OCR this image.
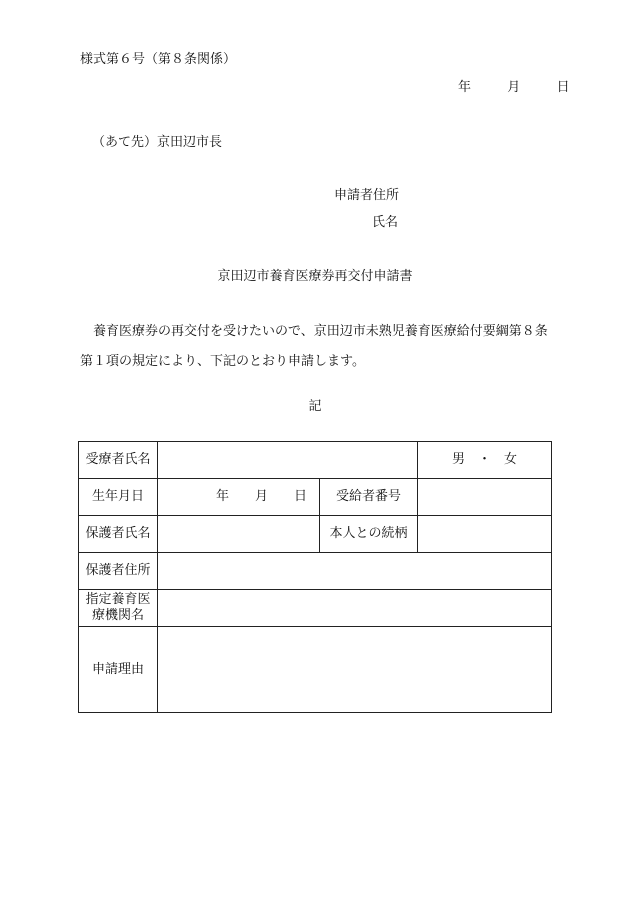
様式第６号（第８条関係）
年	月	日
（あて先）京田辺市長
申請者住所
氏名
京田辺市養育医療券再交付申請書

養育医療券の再交付を受けたいので、京田辺市未熟児養育医療給付要綱第８条第１項の規定により、下記のとおり申請します。

記
受療者氏名			男　・　女
生年月日	年　　月　　日	受給者番号	
保護者氏名		本人との続柄	
保護者住所			

指定養育医
療機関名			

申請理由			
